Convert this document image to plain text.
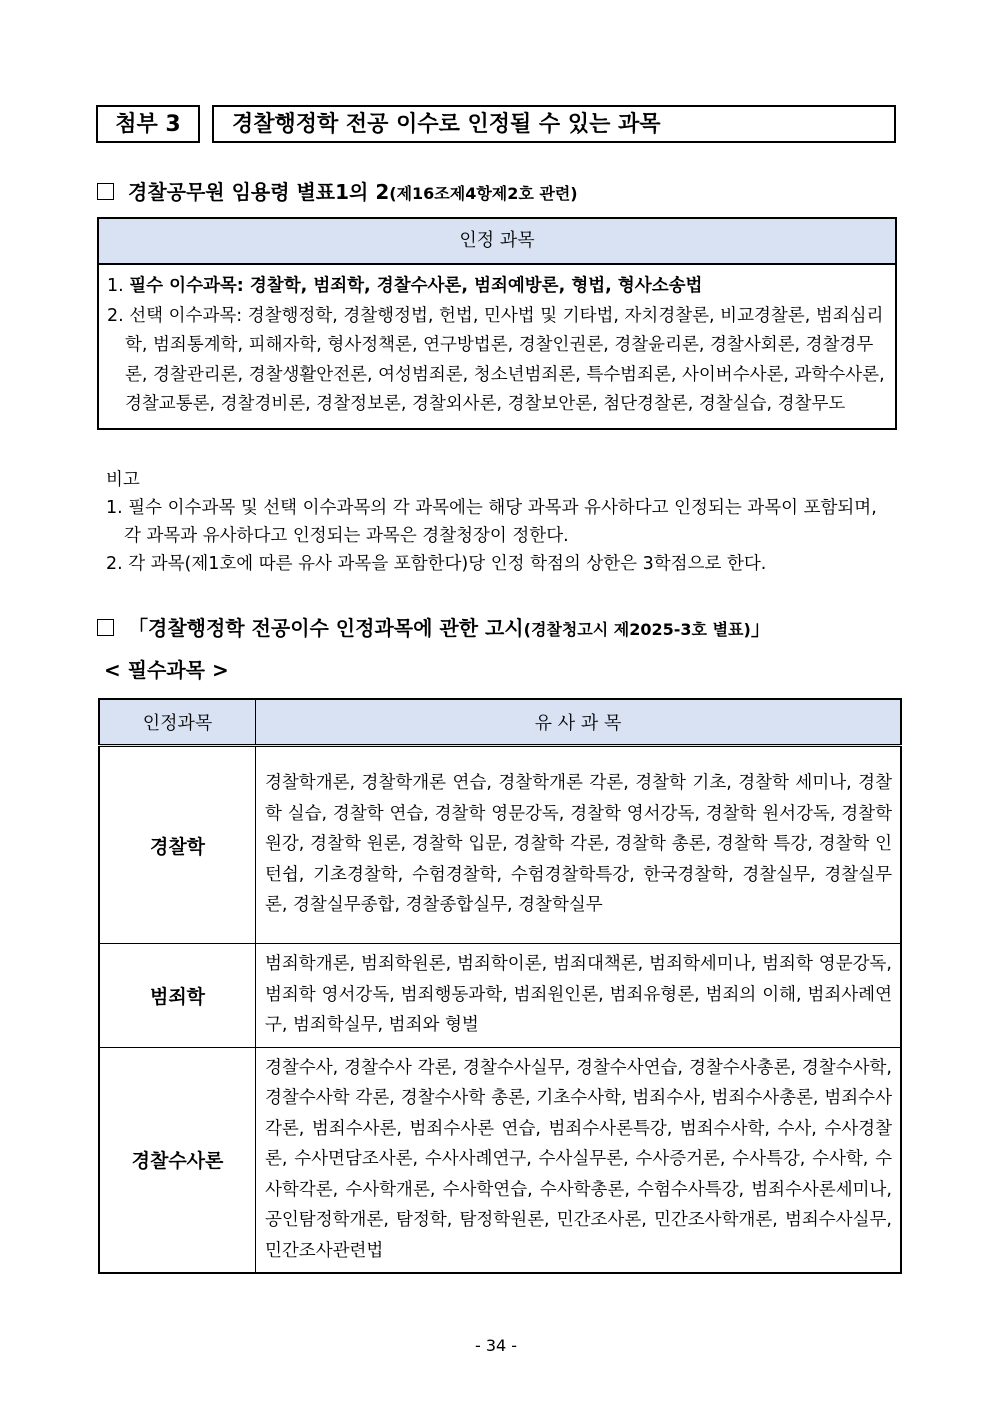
첨부 3	경찰행정학 전공 이수로 인정될 수 있는 과목
경찰공무원 임용령 별표1의 2(제16조제4항제2호 관련)
인정 과목
1. 필수 이수과목: 경찰학, 범죄학, 경찰수사론, 범죄예방론, 형법, 형사소송법
2. 선택 이수과목: 경찰행정학, 경찰행정법, 헌법, 민사법 및 기타법, 자치경찰론, 비교경찰론, 범죄심리학, 범죄통계학, 피해자학, 형사정책론, 연구방법론, 경찰인권론, 경찰윤리론, 경찰사회론, 경찰경무론, 경찰관리론, 경찰생활안전론, 여성범죄론, 청소년범죄론, 특수범죄론, 사이버수사론, 과학수사론, 경찰교통론, 경찰경비론, 경찰정보론, 경찰외사론, 경찰보안론, 첨단경찰론, 경찰실습, 경찰무도
비고
1. 필수 이수과목 및 선택 이수과목의 각 과목에는 해당 과목과 유사하다고 인정되는 과목이 포함되며, 각 과목과 유사하다고 인정되는 과목은 경찰청장이 정한다.
2. 각 과목(제1호에 따른 유사 과목을 포함한다)당 인정 학점의 상한은 3학점으로 한다.
「경찰행정학 전공이수 인정과목에 관한 고시(경찰청고시 제2025-3호 별표)」
< 필수과목 >
인정과목	유 사 과 목
경찰학	경찰학개론, 경찰학개론 연습, 경찰학개론 각론, 경찰학 기초, 경찰학 세미나, 경찰학 실습, 경찰학 연습, 경찰학 영문강독, 경찰학 영서강독, 경찰학 원서강독, 경찰학 원강, 경찰학 원론, 경찰학 입문, 경찰학 각론, 경찰학 총론, 경찰학 특강, 경찰학 인턴쉽, 기초경찰학, 수험경찰학, 수험경찰학특강, 한국경찰학, 경찰실무, 경찰실무론, 경찰실무종합, 경찰종합실무, 경찰학실무
범죄학	범죄학개론, 범죄학원론, 범죄학이론, 범죄대책론, 범죄학세미나, 범죄학 영문강독, 범죄학 영서강독, 범죄행동과학, 범죄원인론, 범죄유형론, 범죄의 이해, 범죄사례연구, 범죄학실무, 범죄와 형벌
경찰수사론	경찰수사, 경찰수사 각론, 경찰수사실무, 경찰수사연습, 경찰수사총론, 경찰수사학, 경찰수사학 각론, 경찰수사학 총론, 기초수사학, 범죄수사, 범죄수사총론, 범죄수사각론, 범죄수사론, 범죄수사론 연습, 범죄수사론특강, 범죄수사학, 수사, 수사경찰론, 수사면담조사론, 수사사례연구, 수사실무론, 수사증거론, 수사특강, 수사학, 수사학각론, 수사학개론, 수사학연습, 수사학총론, 수험수사특강, 범죄수사론세미나, 공인탐정학개론, 탐정학, 탐정학원론, 민간조사론, 민간조사학개론, 범죄수사실무, 민간조사관련법
- 34 -
